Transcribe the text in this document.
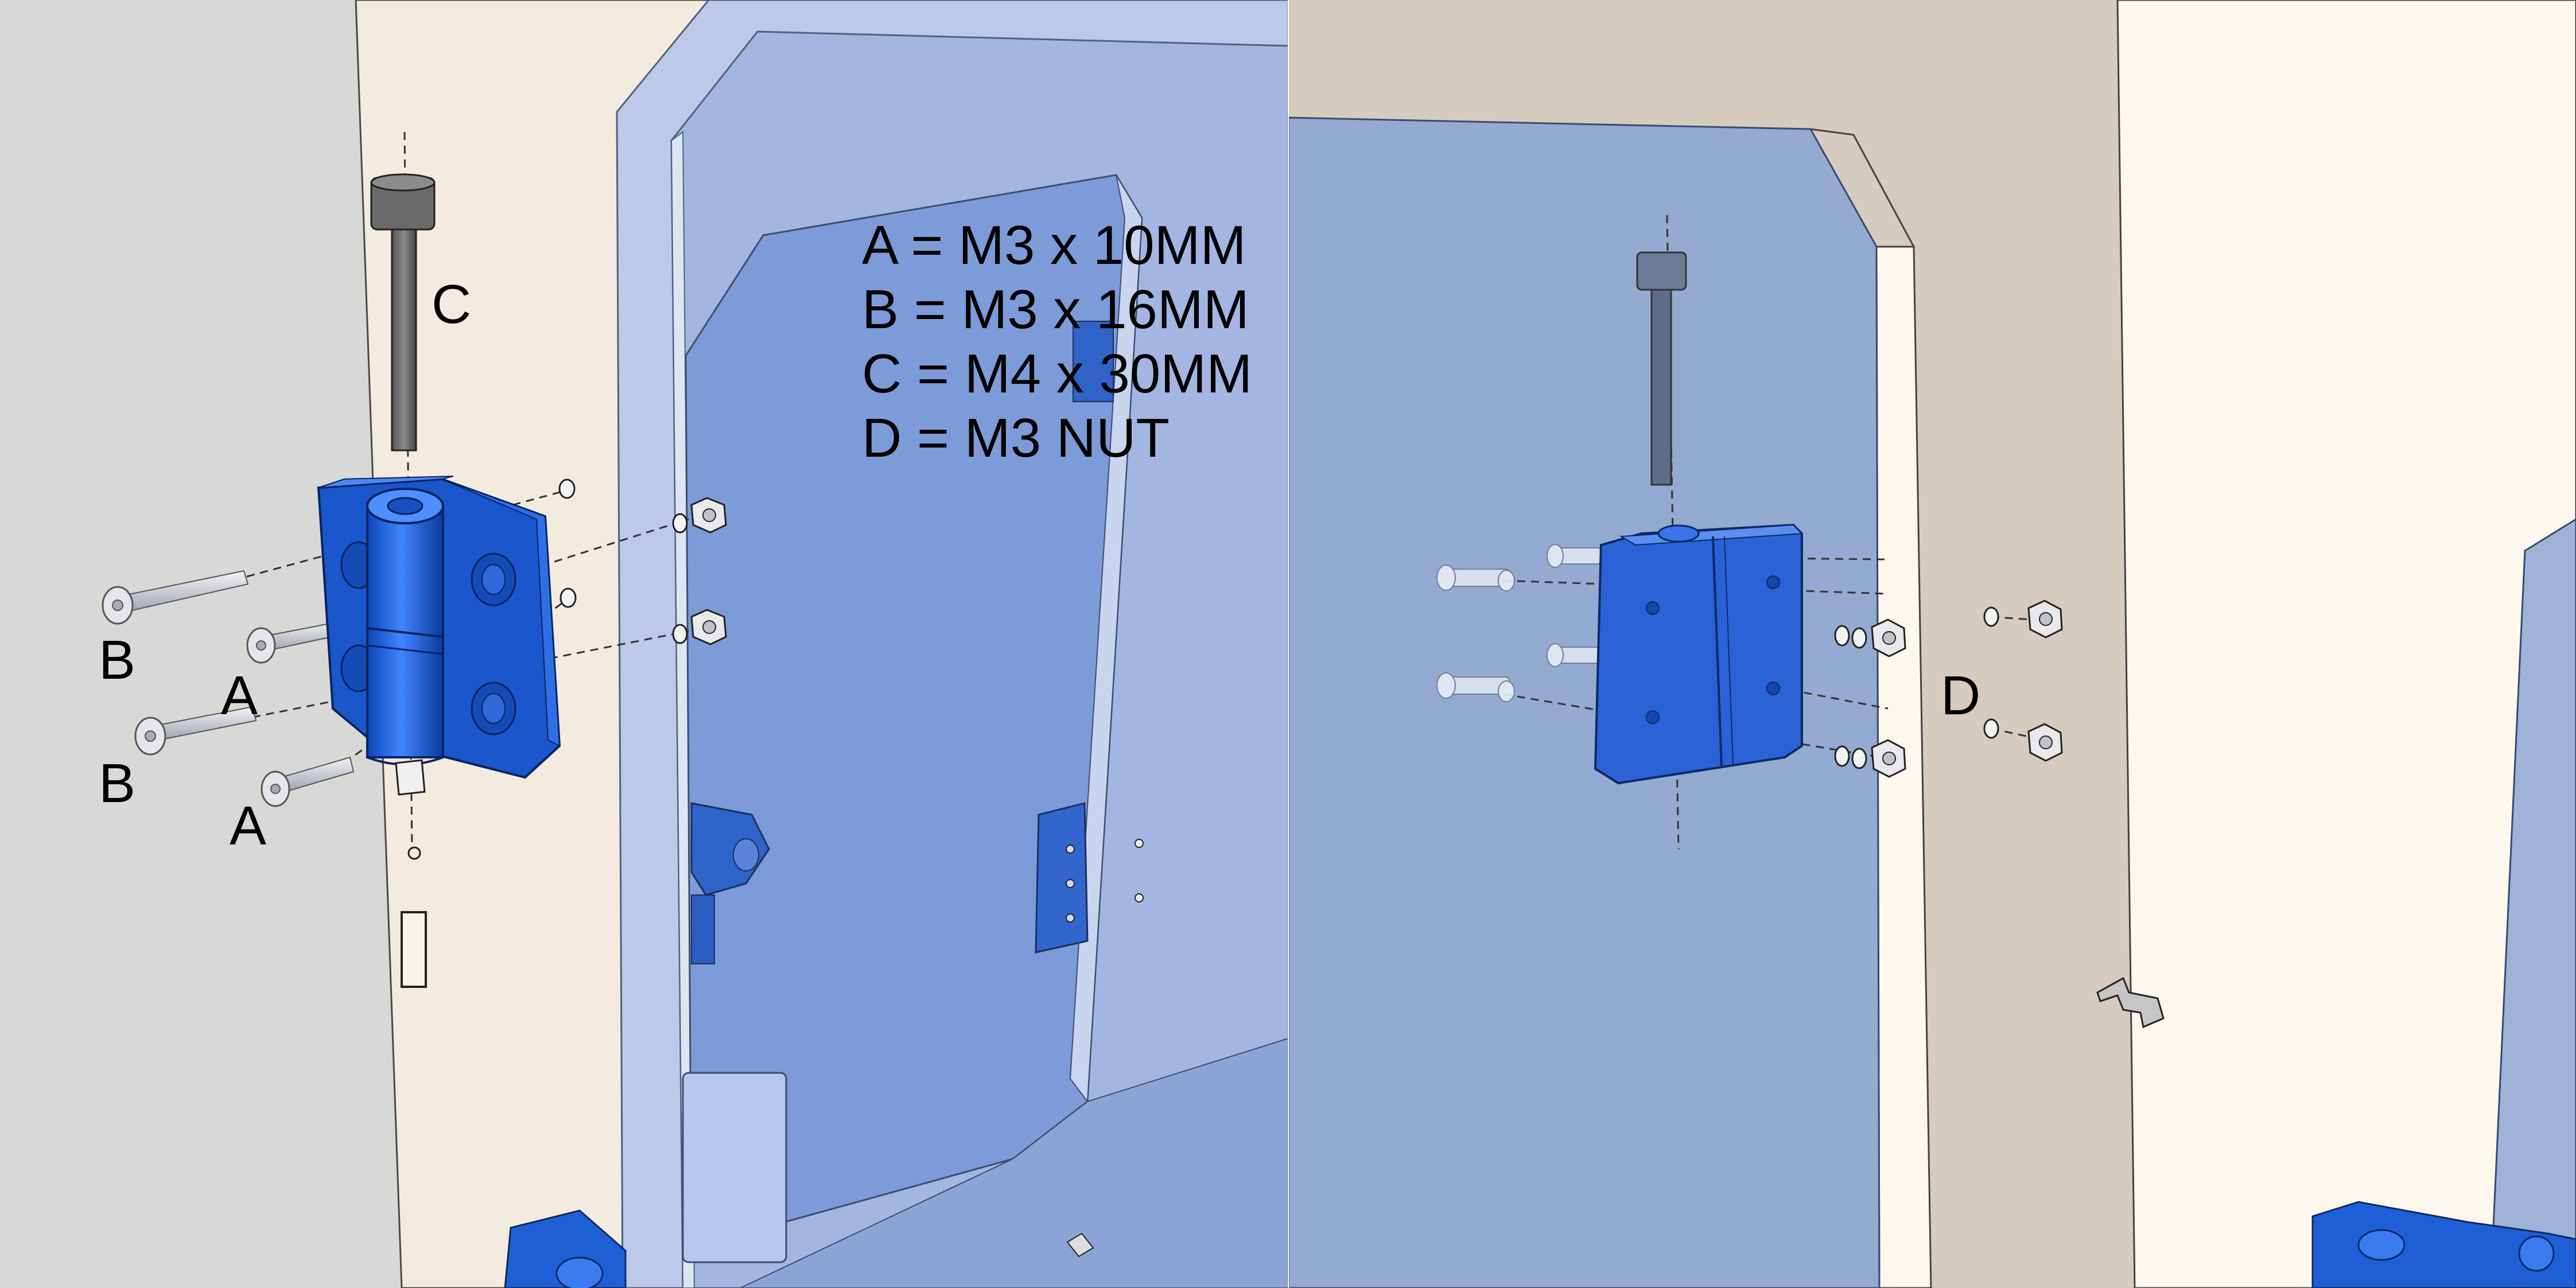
C
B
A
B
A
A = M3 x 10MM
B = M3 x 16MM
C = M4 x 30MM
D = M3 NUT
D
